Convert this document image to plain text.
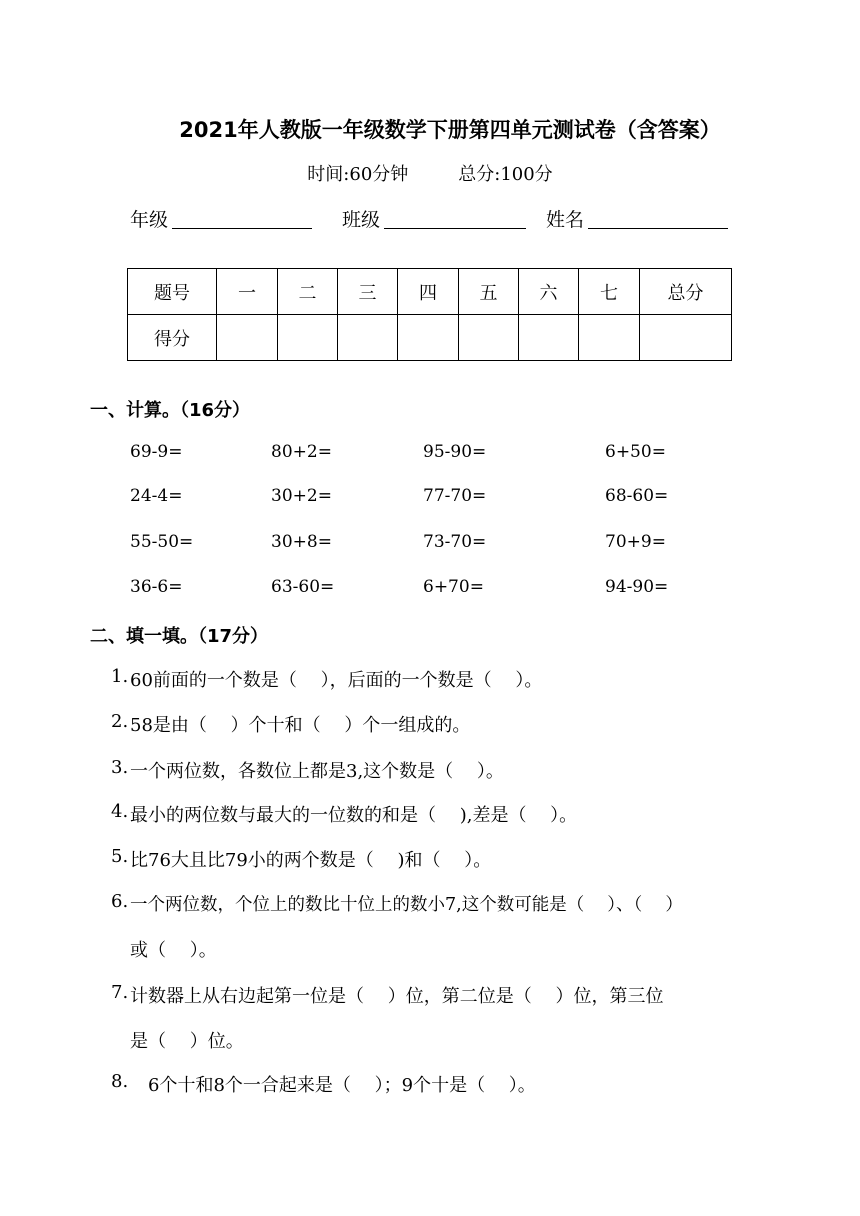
2021年人教版一年级数学下册第四单元测试卷（含答案）
时间:60分钟	总分:100分
年级	班级	姓名
题号	一	二	三	四	五	六	七	总分
得分								
一、计算。（16分）
69-9=	80+2=	95-90=	6+50=
24-4=	30+2=	77-70=	68-60=
55-50=	30+8=	73-70=	70+9=
36-6=	63-60=	6+70=	94-90=
二、填一填。（17分）
1. 60前面的一个数是（　 ），后面的一个数是（　 ）。
2. 58是由（　 ）个十和（　 ）个一组成的。
3. 一个两位数，各数位上都是3,这个数是（　 ）。
4. 最小的两位数与最大的一位数的和是（　 ),差是（　 ）。
5. 比76大且比79小的两个数是（　 )和（　 ）。
6. 一个两位数，个位上的数比十位上的数小7,这个数可能是（　 ）、（　 ）
或（　 ）。
7. 计数器上从右边起第一位是（　 ）位，第二位是（　 ）位，第三位
是（　 ）位。
8. 6个十和8个一合起来是（　 ）；9个十是（　 ）。
